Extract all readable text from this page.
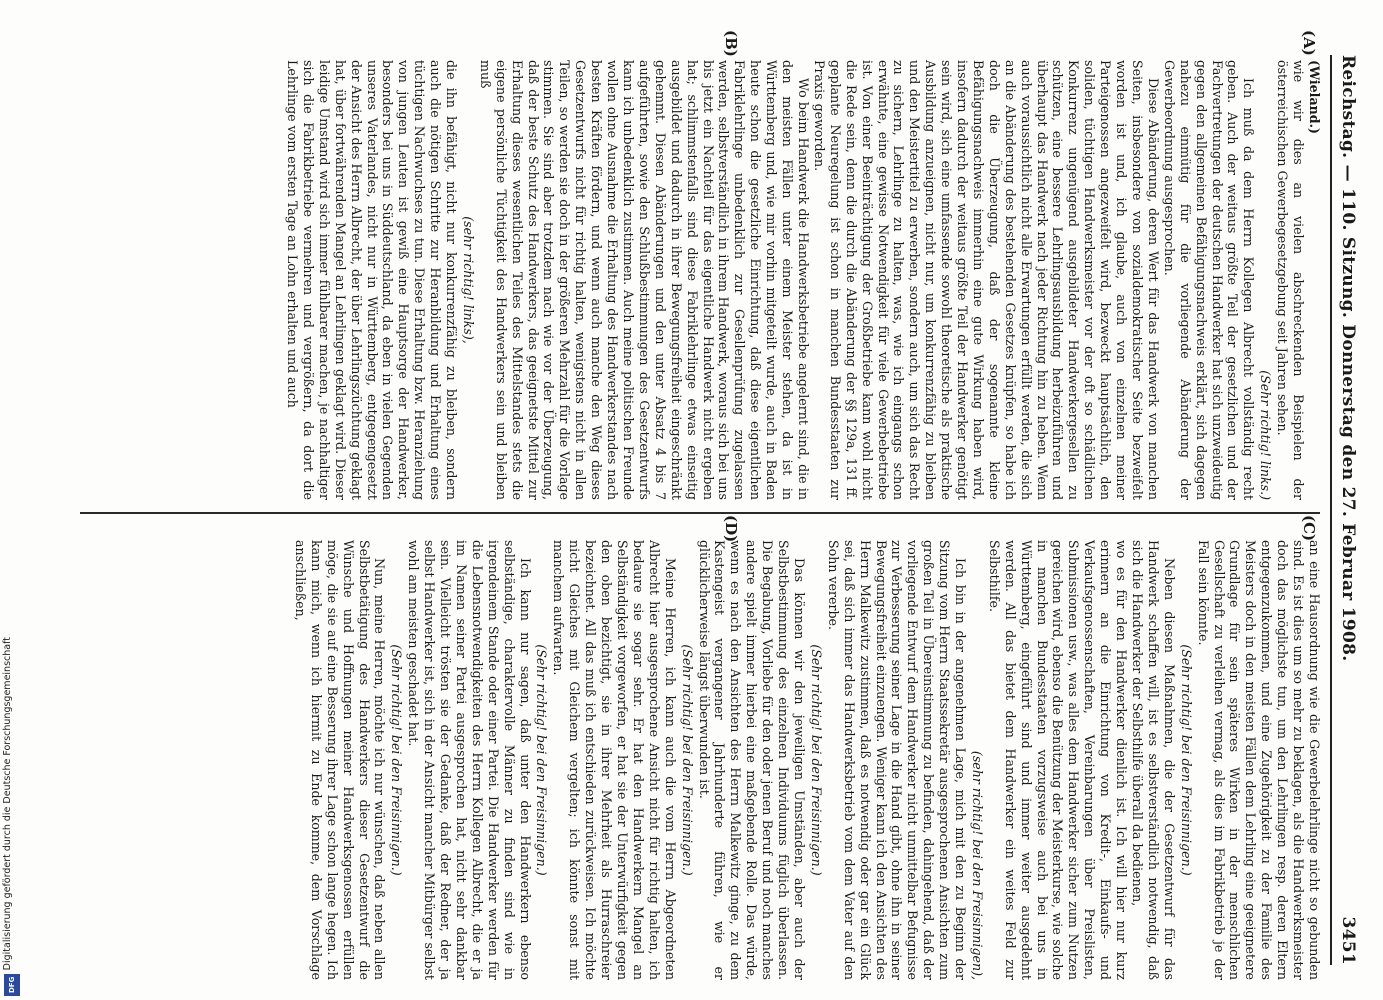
Digitalisierung gefördert durch die Deutsche Forschungsgemeinschaft
DFG
Reichstag. — 110. Sitzung. Donnerstag den 27. Februar 1908.
3451
(A)
(B)
(C)
(D)

(Wieland.)

wie wir dies an vielen abschreckenden Beispielen der österreichischen Gewerbegesetzgebung seit Jahren sehen.

(Sehr richtig! links.)

Ich muß da dem Herrn Kollegen Albrecht vollständig recht geben. Auch der weitaus größte Teil der gesetzlichen und der Fachvertretungen der deutschen Handwerker hat sich unzweideutig gegen den allgemeinen Befähigungsnachweis erklärt, sich dagegen nahezu einmütig für die vorliegende Abänderung der Gewerbeordnung ausgesprochen.

Diese Abänderung, deren Wert für das Handwerk von manchen Seiten, insbesondere von sozialdemokratischer Seite bezweifelt worden ist und, ich glaube, auch von einzelnen meiner Parteigenossen angezweifelt wird, bezweckt hauptsächlich, den soliden, tüchtigen Handwerksmeister vor der oft so schädlichen Konkurrenz ungenügend ausgebildeter Handwerkergesellen zu schützen, eine bessere Lehrlingsausbildung herbeizuführen und überhaupt das Handwerk nach jeder Richtung hin zu heben. Wenn auch voraussichtlich nicht alle Erwartungen erfüllt werden, die sich an die Abänderung des bestehenden Gesetzes knüpfen, so habe ich doch die Überzeugung, daß der sogenannte kleine Befähigungsnachweis immerhin eine gute Wirkung haben wird, insofern dadurch der weitaus größte Teil der Handwerker genötigt sein wird, sich eine umfassende sowohl theoretische als praktische Ausbildung anzueignen, nicht nur, um konkurrenzfähig zu bleiben und den Meistertitel zu erwerben, sondern auch, um sich das Recht zu sichern, Lehrlinge zu halten, was, wie ich eingangs schon erwähnte, eine gewisse Notwendigkeit für viele Gewerbebetriebe ist. Von einer Beeinträchtigung der Großbetriebe kann wohl nicht die Rede sein, denn die durch die Abänderung der §§ 129a, 131 ff. geplante Neuregelung ist schon in manchen Bundesstaaten zur Praxis geworden.

Wo beim Handwerk die Handwerksbetriebe angelernt sind, die in den meisten Fällen unter einem Meister stehen, da ist in Württemberg und, wie mir vorhin mitgeteilt wurde, auch in Baden heute schon die gesetzliche Einrichtung, daß diese eigentlichen Fabriklehrlinge unbedenklich zur Gesellenprüfung zugelassen werden, selbstverständlich in ihrem Handwerk, woraus sich bei uns bis jetzt ein Nachteil für das eigentliche Handwerk nicht ergeben hat; schlimmstenfalls sind diese Fabriklehrlinge etwas einseitig ausgebildet und dadurch in ihrer Bewegungsfreiheit eingeschränkt gehemmt. Diesen Abänderungen und den unter Absatz 4 bis 7 aufgeführten, sowie den Schlußbestimmungen des Gesetzentwurfs kann ich unbedenklich zustimmen. Auch meine politischen Freunde wollen ohne Ausnahme die Erhaltung des Handwerkerstandes nach besten Kräften fördern, und wenn auch manche den Weg dieses Gesetzentwurfs nicht für richtig halten, wenigstens nicht in allen Teilen, so werden sie doch in der größeren Mehrzahl für die Vorlage stimmen. Sie sind aber trotzdem nach wie vor der Überzeugung, daß der beste Schutz des Handwerkers, das geeignetste Mittel zur Erhaltung dieses wesentlichen Teiles des Mittelstandes stets die eigene persönliche Tüchtigkeit des Handwerkers sein und bleiben muß

(sehr richtig! links),

die ihn befähigt, nicht nur konkurrenzfähig zu bleiben, sondern auch die nötigen Schritte zur Heranbildung und Erhaltung eines tüchtigen Nachwuchses zu tun. Diese Erhaltung bzw. Heranziehung von jungen Leuten ist gewiß eine Hauptsorge der Handwerker, besonders bei uns in Süddeutschland, da eben in vielen Gegenden unseres Vaterlandes, nicht nur in Württemberg, entgegengesetzt der Ansicht des Herrn Albrecht, der über Lehrlingszüchtung geklagt hat, über fortwährenden Mangel an Lehrlingen geklagt wird. Dieser leidige Umstand wird sich immer fühlbarer machen, je nachhaltiger sich die Fabrikbetriebe vermehren und vergrößern, da dort die Lehrlinge vom ersten Tage an Lohn erhalten und auch

an eine Hausordnung wie die Gewerbelehrlinge nicht so gebunden sind. Es ist dies um so mehr zu beklagen, als die Handwerksmeister doch das möglichste tun, um den Lehrlingen resp. deren Eltern entgegenzukommen, und eine Zugehörigkeit zu der Familie des Meisters doch in den meisten Fällen dem Lehrling eine geeignetere Grundlage für sein späteres Wirken in der menschlichen Gesellschaft zu verleihen vermag, als dies im Fabrikbetrieb je der Fall sein könnte.

(Sehr richtig! bei den Freisinnigen.)

Neben diesen Maßnahmen, die der Gesetzentwurf für das Handwerk schaffen will, ist es selbstverständlich notwendig, daß sich die Handwerker der Selbsthilfe überall da bedienen,

wo es für den Handwerker dienlich ist. Ich will hier nur kurz erinnern an die Einrichtung von Kredit-, Einkaufs- und Verkaufsgenossenschaften, Vereinbarungen über Preislisten, Submissionen usw., was alles dem Handwerker sicher zum Nutzen gereichen wird, ebenso die Benützung der Meisterkurse, wie solche in manchen Bundesstaaten vorzugsweise auch bei uns in Württemberg, eingeführt sind und immer weiter ausgedehnt werden. All das bietet dem Handwerker ein weites Feld zur Selbsthilfe.

(sehr richtig! bei den Freisinnigen),

Ich bin in der angenehmen Lage, mich mit den zu Beginn der Sitzung vom Herrn Staatssekretär ausgesprochenen Ansichten zum großen Teil in Übereinstimmung zu befinden, dahingehend, daß der vorliegende Entwurf dem Handwerker nicht unmittelbar Befugnisse zur Verbesserung seiner Lage in die Hand gibt, ohne ihn in seiner Bewegungsfreiheit einzuengen. Weniger kann ich den Ansichten des Herrn Malkewitz zustimmen, daß es notwendig oder gar ein Glück sei, daß sich immer das Handwerksbetrieb vom dem Vater auf den Sohn vererbe.

(Sehr richtig! bei den Freisinnigen.)

Das können wir den jeweiligen Umständen, aber auch der Selbstbestimmung des einzelnen Individuums füglich überlassen. Die Begabung, Vorliebe für den oder jenen Beruf und noch manches andere spielt immer hierbei eine maßgebende Rolle. Das würde, wenn es nach den Ansichten des Herrn Malkewitz ginge, zu dem Kastengeist vergangener Jahrhunderte führen, wie er glücklicherweise längst überwunden ist.

(Sehr richtig! bei den Freisinnigen.)

Meine Herren, ich kann auch die vom Herrn Abgeordneten Albrecht hier ausgesprochene Ansicht nicht für richtig halten, ich bedaure sie sogar sehr. Er hat den Handwerkern Mangel an Selbständigkeit vorgeworfen, er hat sie der Unterwürfigkeit gegen den oben bezichtigt, sie in ihrer Mehrheit als Hurraschreier bezeichnet. All das muß ich entschieden zurückweisen. Ich möchte nicht Gleiches mit Gleichem vergelten; ich könnte sonst mit manchem aufwarten.

(Sehr richtig! bei den Freisinnigen.)

Ich kann nur sagen, daß unter den Handwerkern ebenso selbständige, charaktervolle Männer zu finden sind wie in irgendeinem Stande oder einer Partei. Die Handwerker werden für die Lebensnotwendigkeiten des Herrn Kollegen Albrecht, die er ja im Namen seiner Partei ausgesprochen hat, nicht sehr dankbar sein. Vielleicht trösten sie der Gedanke, daß der Redner, der ja selbst Handwerker ist, sich in der Ansicht mancher Mitbürger selbst wohl am meisten geschadet hat.

(Sehr richtig! bei den Freisinnigen.)

Nun, meine Herren, möchte ich nur wünschen, daß neben allen Selbstbetätigung des Handwerkers dieser Gesetzentwurf die Wünsche und Hoffnungen meiner Handwerksgenossen erfüllen möge, die sie auf eine Besserung ihrer Lage schon lange hegen. Ich kann mich, wenn ich hiermit zu Ende komme, dem Vorschlage anschließen,
